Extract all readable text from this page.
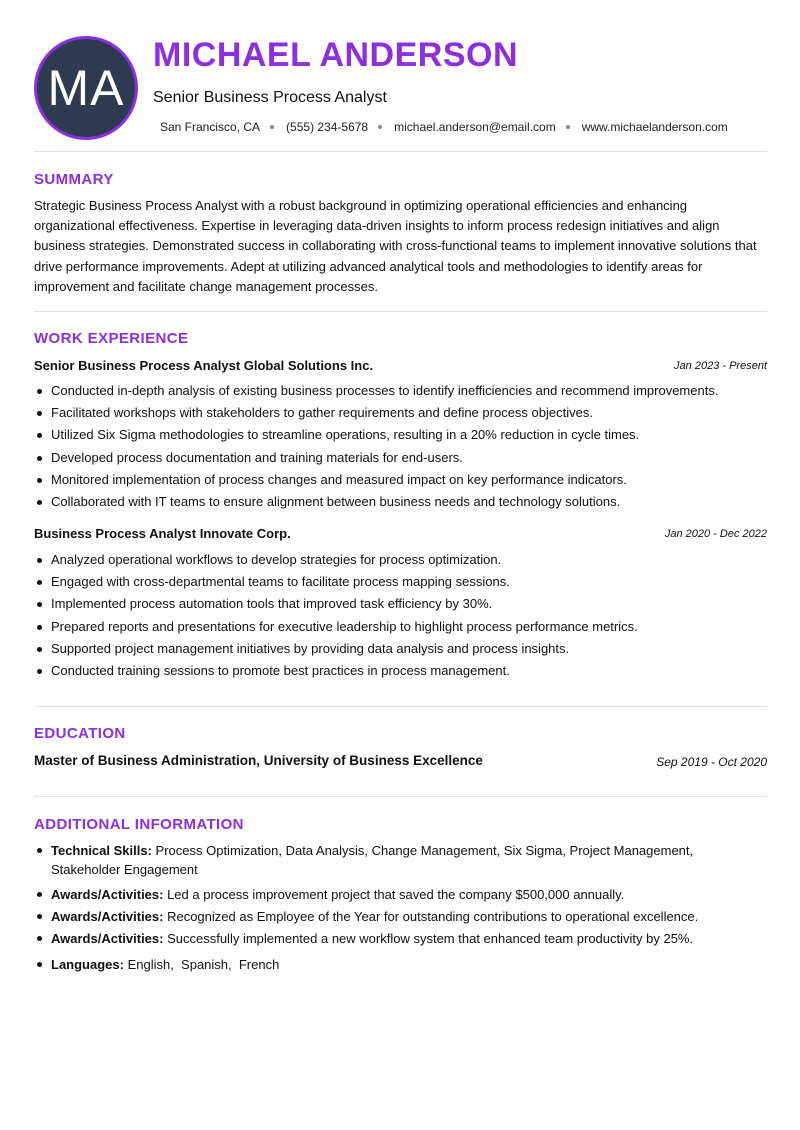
MA
MICHAEL ANDERSON
Senior Business Process Analyst
San Francisco, CA (555) 234-5678 michael.anderson@email.com www.michaelanderson.com
SUMMARY

Strategic Business Process Analyst with a robust background in optimizing operational efficiencies and enhancing organizational effectiveness. Expertise in leveraging data-driven insights to inform process redesign initiatives and align business strategies. Demonstrated success in collaborating with cross-functional teams to implement innovative solutions that drive performance improvements. Adept at utilizing advanced analytical tools and methodologies to identify areas for improvement and facilitate change management processes.

WORK EXPERIENCE
Senior Business Process Analyst Global Solutions Inc.	Jan 2023 - Present
Conducted in-depth analysis of existing business processes to identify inefficiencies and recommend improvements.
Facilitated workshops with stakeholders to gather requirements and define process objectives.
Utilized Six Sigma methodologies to streamline operations, resulting in a 20% reduction in cycle times.
Developed process documentation and training materials for end-users.
Monitored implementation of process changes and measured impact on key performance indicators.
Collaborated with IT teams to ensure alignment between business needs and technology solutions.
Business Process Analyst Innovate Corp.	Jan 2020 - Dec 2022
Analyzed operational workflows to develop strategies for process optimization.
Engaged with cross-departmental teams to facilitate process mapping sessions.
Implemented process automation tools that improved task efficiency by 30%.
Prepared reports and presentations for executive leadership to highlight process performance metrics.
Supported project management initiatives by providing data analysis and process insights.
Conducted training sessions to promote best practices in process management.
EDUCATION
Master of Business Administration, University of Business Excellence	Sep 2019 - Oct 2020
ADDITIONAL INFORMATION
Technical Skills: Process Optimization, Data Analysis, Change Management, Six Sigma, Project Management, Stakeholder Engagement
Awards/Activities: Led a process improvement project that saved the company $500,000 annually.
Awards/Activities: Recognized as Employee of the Year for outstanding contributions to operational excellence.
Awards/Activities: Successfully implemented a new workflow system that enhanced team productivity by 25%.
Languages: English,  Spanish,  French
